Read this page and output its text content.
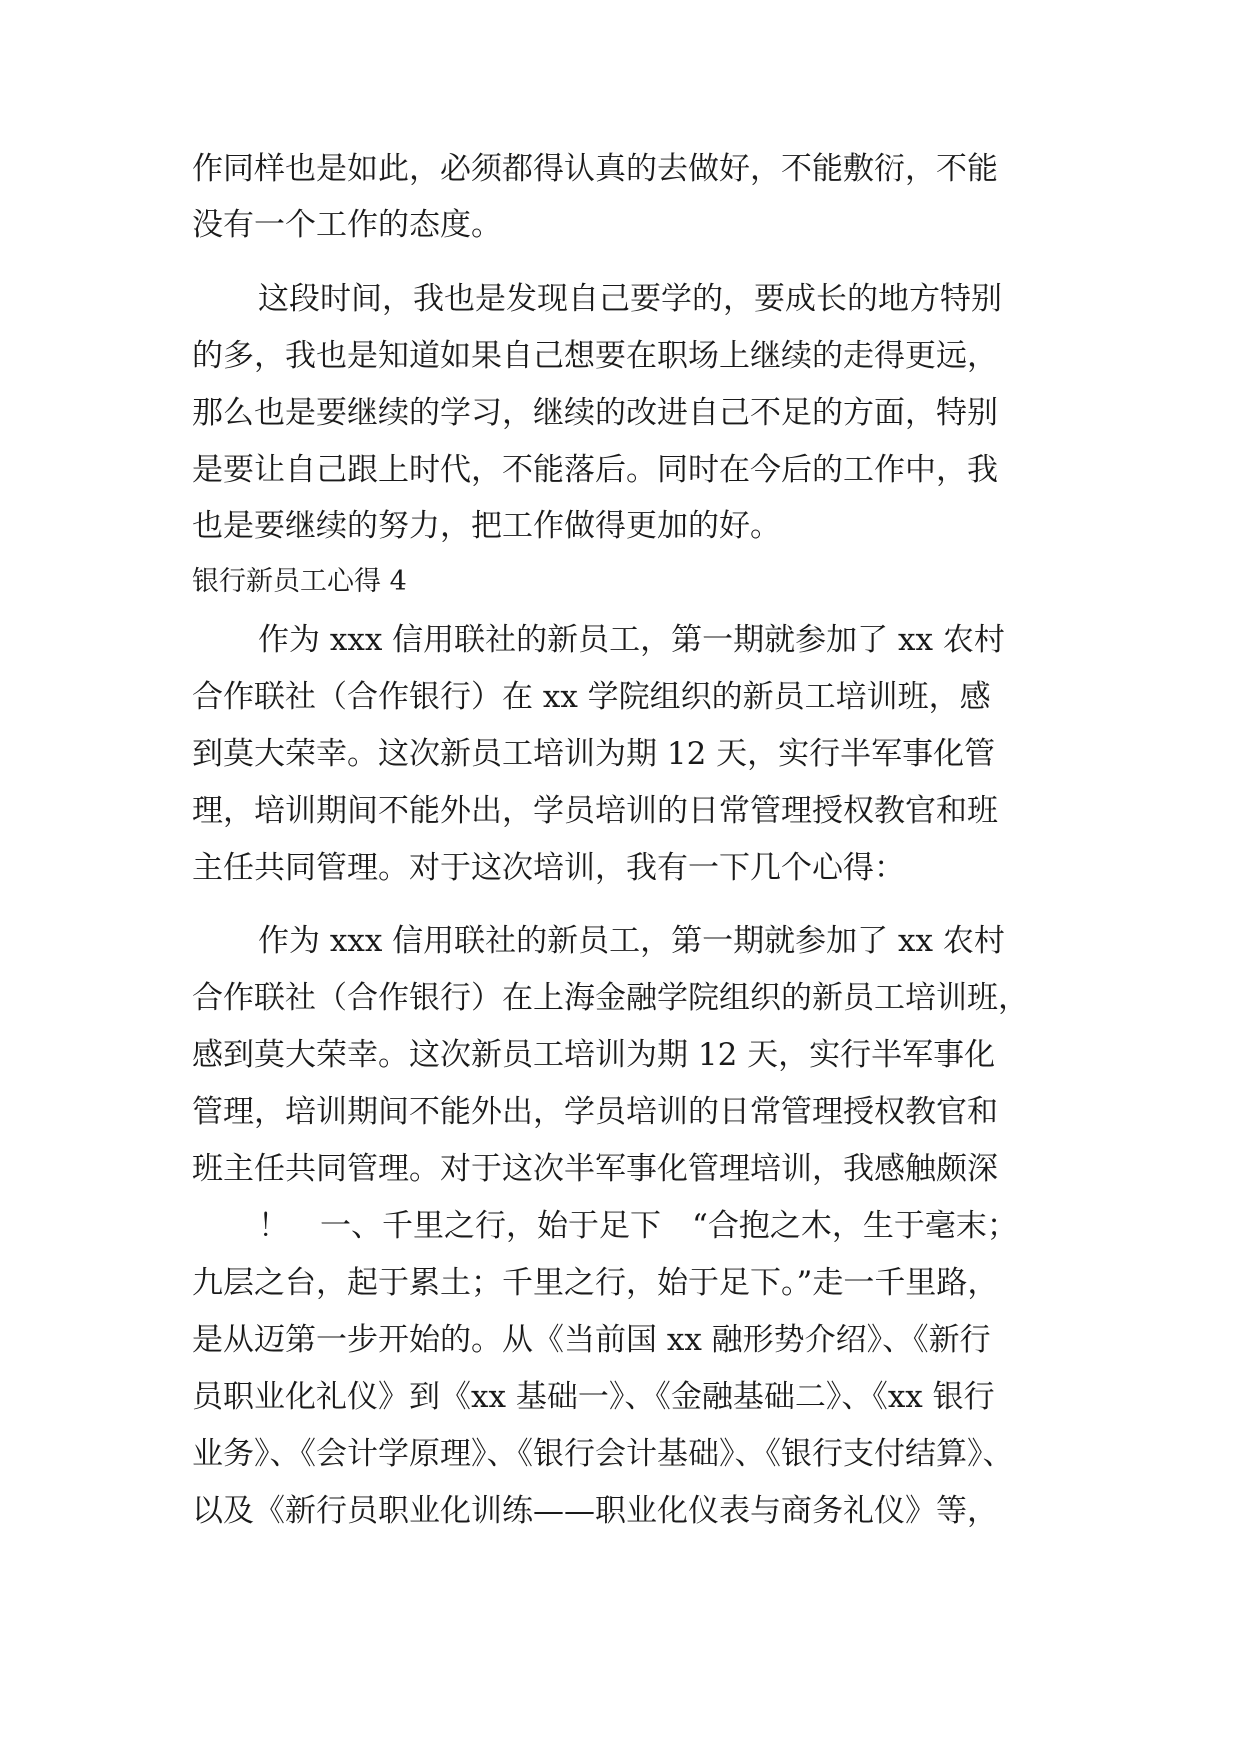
作同样也是如此，必须都得认真的去做好，不能敷衍，不能
没有一个工作的态度。
这段时间，我也是发现自己要学的，要成长的地方特别
的多，我也是知道如果自己想要在职场上继续的走得更远，
那么也是要继续的学习，继续的改进自己不足的方面，特别
是要让自己跟上时代，不能落后。同时在今后的工作中，我
也是要继续的努力，把工作做得更加的好。
银行新员工心得 4
作为 xxx 信用联社的新员工，第一期就参加了 xx 农村
合作联社（合作银行）在 xx 学院组织的新员工培训班，感
到莫大荣幸。这次新员工培训为期 12 天，实行半军事化管
理，培训期间不能外出，学员培训的日常管理授权教官和班
主任共同管理。对于这次培训，我有一下几个心得：
作为 xxx 信用联社的新员工，第一期就参加了 xx 农村
合作联社（合作银行）在上海金融学院组织的新员工培训班，
感到莫大荣幸。这次新员工培训为期 12 天，实行半军事化
管理，培训期间不能外出，学员培训的日常管理授权教官和
班主任共同管理。对于这次半军事化管理培训，我感触颇深
！　一、千里之行，始于足下　“合抱之木，生于毫末；
九层之台，起于累土；千里之行，始于足下。”走一千里路，
是从迈第一步开始的。从《当前国 xx 融形势介绍》、《新行
员职业化礼仪》到《xx 基础一》、《金融基础二》、《xx 银行
业务》、《会计学原理》、《银行会计基础》、《银行支付结算》、
以及《新行员职业化训练——职业化仪表与商务礼仪》等，
